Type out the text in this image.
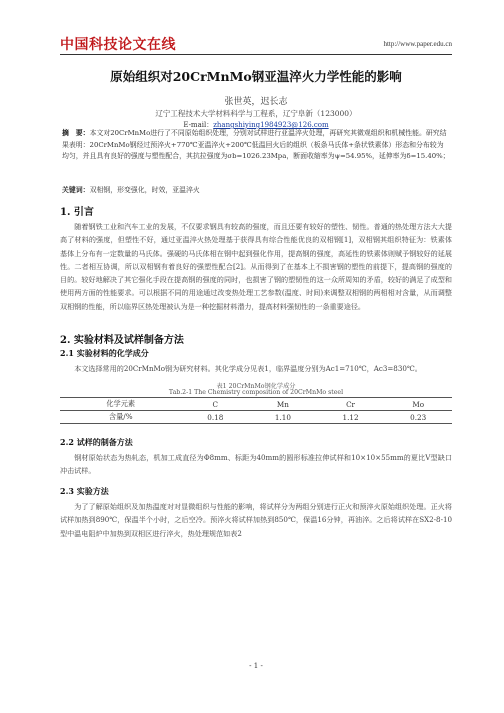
中国科技论文在线	http://www.paper.edu.cn
原始组织对20CrMnMo钢亚温淬火力学性能的影响
张世英，迟长志
辽宁工程技术大学材料科学与工程系，辽宁阜新（123000）
E-mail：zhangshiying1984923@126.com
摘　要：本文对20CrMnMo进行了不同原始组织处理，分别对试样进行亚温淬火处理，再研究其微观组织和机械性能。研究结果表明：20CrMnMo钢经过预淬火+770℃亚温淬火+200℃低温回火后的组织（板条马氏体+条状铁素体）形态和分布较为均匀，并且具有良好的强度与塑性配合，其抗拉强度为σb=1026.23Mpa，断面收缩率为ψ=54.95%，延伸率为δ=15.40%；
关键词：双相钢，形变强化，时效，亚温淬火
1. 引言

随着钢铁工业和汽车工业的发展，不仅要求钢具有较高的强度，而且还要有较好的塑性、韧性。普通的热处理方法大大提高了材料的强度，但塑性不好，通过亚温淬火热处理基于获得具有综合性能优良的双相钢[1]，双相钢其组织特征为：铁素体基体上分布有一定数量的马氏体。强硬的马氏体相在钢中起到强化作用，提高钢的强度，高延性的铁素体则赋予钢较好的延展性。二者相互协调，所以双相钢有着良好的强塑性配合[2]。从而得到了在基本上不损害钢的塑性的前提下，提高钢的强度的目的。较好地解决了其它强化手段在提高钢的强度的同时，也损害了钢的塑韧性的这一众所周知的矛盾，较好的满足了成型和使用两方面的性能要求。可以根据不同的用途通过改变热处理工艺参数(温度、时间)来调整双相钢的两相相对含量，从而调整双相钢的性能，所以临界区热处理被认为是一种挖掘材料潜力，提高材料强韧性的一条重要途径。

2. 实验材料及试样制备方法
2.1 实验材料的化学成分

本文选择常用的20CrMnMo钢为研究材料。其化学成分见表1，临界温度分别为Ac1=710℃，Ac3=830℃。

表1 20CrMnMo钢化学成分
Tab.2-1 The Chemistry composition of 20CrMnMo steel
化学元素	C	Mn	Cr	Mo
含量/%	0.18	1.10	1.12	0.23
2.2 试样的制备方法

钢材原始状态为热轧态，机加工成直径为Φ8mm、标距为40mm的圆形标准拉伸试样和10×10×55mm的夏比V型缺口冲击试样。

2.3 实验方法

为了了解原始组织及加热温度对对显微组织与性能的影响，将试样分为两组分别进行正火和预淬火原始组织处理。正火将试样加热到890℃，保温半个小时，之后空冷。预淬火将试样加热到850℃，保温16分钟，再油淬。之后将试样在SX2-8-10型中温电阻炉中加热到双相区进行淬火，热处理规范如表2

- 1 -
